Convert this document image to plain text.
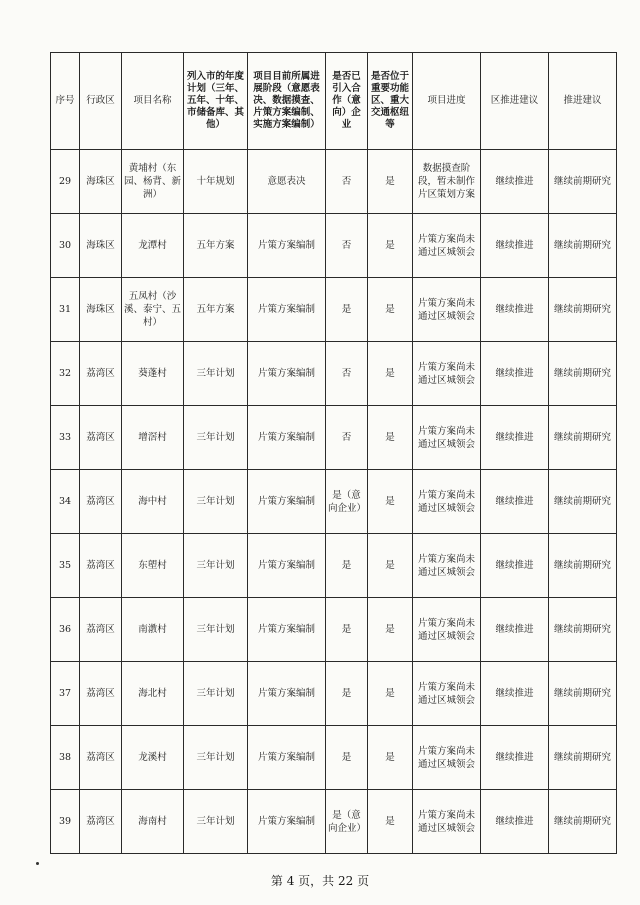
序号	行政区	项目名称	列入市的年度计划（三年、五年、十年、市储备库、其他）	项目目前所属进展阶段（意愿表决、数据摸查、片策方案编制、实施方案编制）	是否已引入合作（意向）企业	是否位于重要功能区、重大交通枢纽等	项目进度	区推进建议	推进建议
29	海珠区	黄埔村（东园、杨背、新洲）	十年规划	意愿表决	否	是	数据摸查阶段，暂未制作片区策划方案	继续推进	继续前期研究
30	海珠区	龙潭村	五年方案	片策方案编制	否	是	片策方案尚未通过区城领会	继续推进	继续前期研究
31	海珠区	五凤村（沙溪、泰宁、五村）	五年方案	片策方案编制	是	是	片策方案尚未通过区城领会	继续推进	继续前期研究
32	荔湾区	葵蓬村	三年计划	片策方案编制	否	是	片策方案尚未通过区城领会	继续推进	继续前期研究
33	荔湾区	增滘村	三年计划	片策方案编制	否	是	片策方案尚未通过区城领会	继续推进	继续前期研究
34	荔湾区	海中村	三年计划	片策方案编制	是（意向企业）	是	片策方案尚未通过区城领会	继续推进	继续前期研究
35	荔湾区	东塱村	三年计划	片策方案编制	是	是	片策方案尚未通过区城领会	继续推进	继续前期研究
36	荔湾区	南漖村	三年计划	片策方案编制	是	是	片策方案尚未通过区城领会	继续推进	继续前期研究
37	荔湾区	海北村	三年计划	片策方案编制	是	是	片策方案尚未通过区城领会	继续推进	继续前期研究
38	荔湾区	龙溪村	三年计划	片策方案编制	是	是	片策方案尚未通过区城领会	继续推进	继续前期研究
39	荔湾区	海南村	三年计划	片策方案编制	是（意向企业）	是	片策方案尚未通过区城领会	继续推进	继续前期研究
第 4 页，共 22 页
